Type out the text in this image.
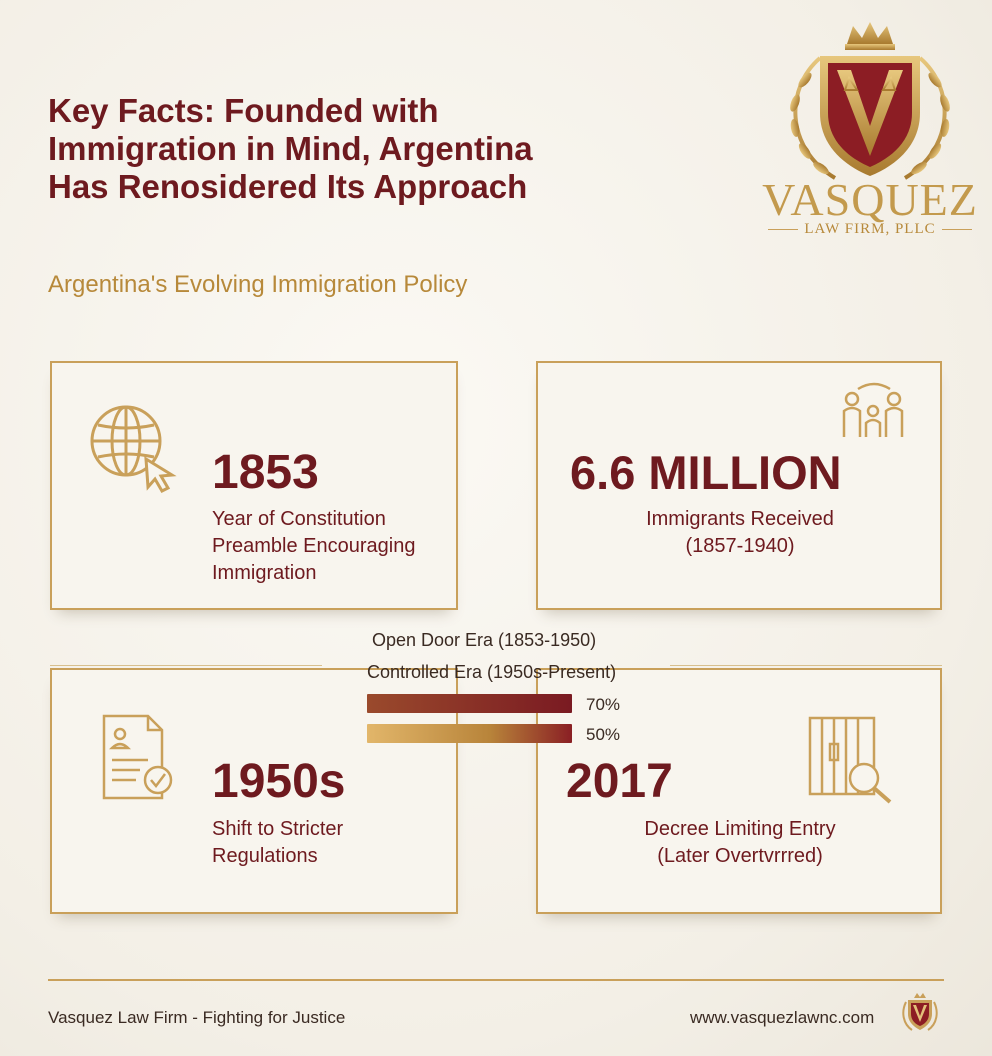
Key Facts: Founded with
Immigration in Mind, Argentina
Has Renosidered Its Approach
Argentina's Evolving Immigration Policy
VASQUEZ
LAW FIRM, PLLC
1853
Year of Constitution
Preamble Encouraging
Immigration
6.6 MILLION
Immigrants Received
(1857-1940)
1950s
Shift to Stricter
Regulations
2017
Decree Limiting Entry
(Later Overtvrrred)
Open Door Era (1853-1950)
Controlled Era (1950s-Present)
70%
50%
Vasquez Law Firm - Fighting for Justice	www.vasquezlawnc.com
